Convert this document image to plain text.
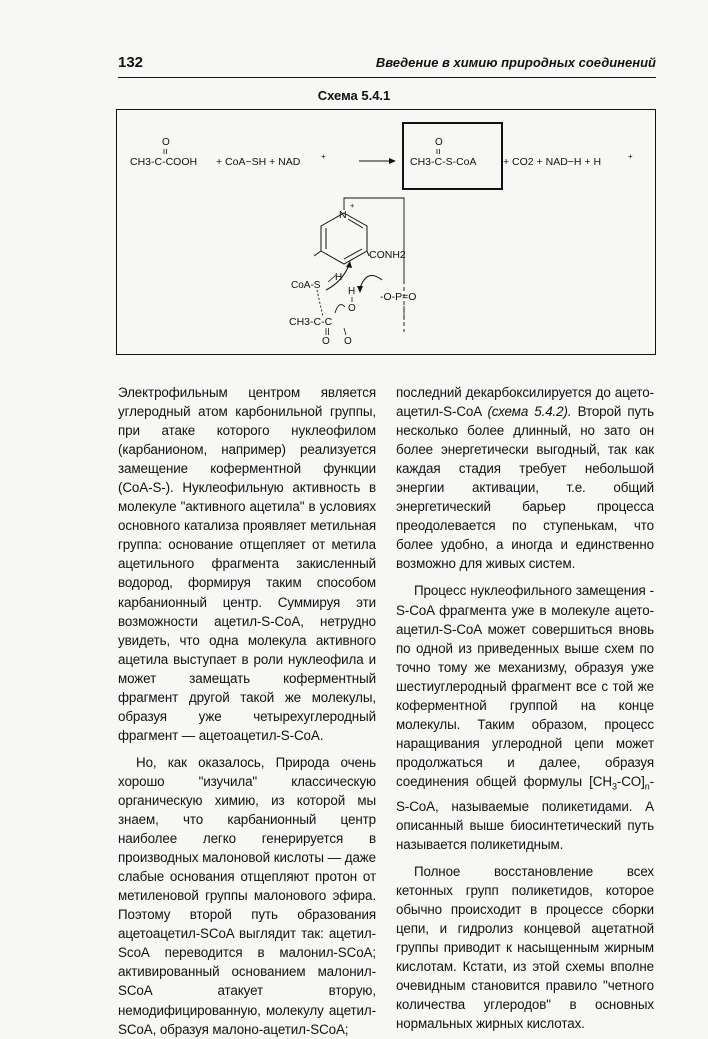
132	Введение в химию природных соединений
Схема 5.4.1
O
CH3-C-COOH + CoA−SH + NAD	+
O
CH3-C-S-CoA	+ CO2 + NAD−H + H	+
N
+
CONH2
CoA-S
H
H
O
-O-P=O
CH3-C-C
O O

Электрофильным центром является углеродный атом карбонильной группы, при атаке которого нуклеофилом (карбанионом, например) реализуется замещение коферментной функции (CoA-S-). Нуклеофильную активность в молекуле "активного ацетила" в условиях основного катализа проявляет метильная группа: основание отщепляет от метила ацетильного фрагмента закисленный водород, формируя таким способом карбанионный центр. Суммируя эти возможности ацетил-S-CoA, нетрудно увидеть, что одна молекула активного ацетила выступает в роли нуклеофила и может замещать коферментный фрагмент другой такой же молекулы, образуя уже четырехуглеродный фрагмент — ацетоацетил-S-CoA.

Но, как оказалось, Природа очень хорошо "изучила" классическую органическую химию, из которой мы знаем, что карбанионный центр наиболее легко генерируется в производных малоновой кислоты — даже слабые основания отщепляют протон от метиленовой группы малонового эфира. Поэтому второй путь образования ацетоацетил-SCoA выглядит так: ацетил-SсоА переводится в малонил-SCoA; активированный основанием малонил-SCoA атакует вторую, немодифицированную, молекулу ацетил-SCoA, образуя малоно-ацетил-SCoA;

последний декарбоксилируется до ацето-ацетил-S-CoA (схема 5.4.2). Второй путь несколько более длинный, но зато он более энергетически выгодный, так как каждая стадия требует небольшой энергии активации, т.е. общий энергетический барьер процесса преодолевается по ступенькам, что более удобно, а иногда и единственно возможно для живых систем.

Процесс нуклеофильного замещения -S-CoA фрагмента уже в молекуле ацето-ацетил-S-CoA может совершиться вновь по одной из приведенных выше схем по точно тому же механизму, образуя уже шестиуглеродный фрагмент все с той же коферментной группой на конце молекулы. Таким образом, процесс наращивания углеродной цепи может продолжаться и далее, образуя соединения общей формулы $[CH_3-CO]_n-S$-CoA, называемые поликетидами. А описанный выше биосинтетический путь называется поликетидным.

Полное восстановление всех кетонных групп поликетидов, которое обычно происходит в процессе сборки цепи, и гидролиз концевой ацетатной группы приводит к насыщенным жирным кислотам. Кстати, из этой схемы вполне очевидным становится правило "четного количества углеродов" в основных нормальных жирных кислотах.
